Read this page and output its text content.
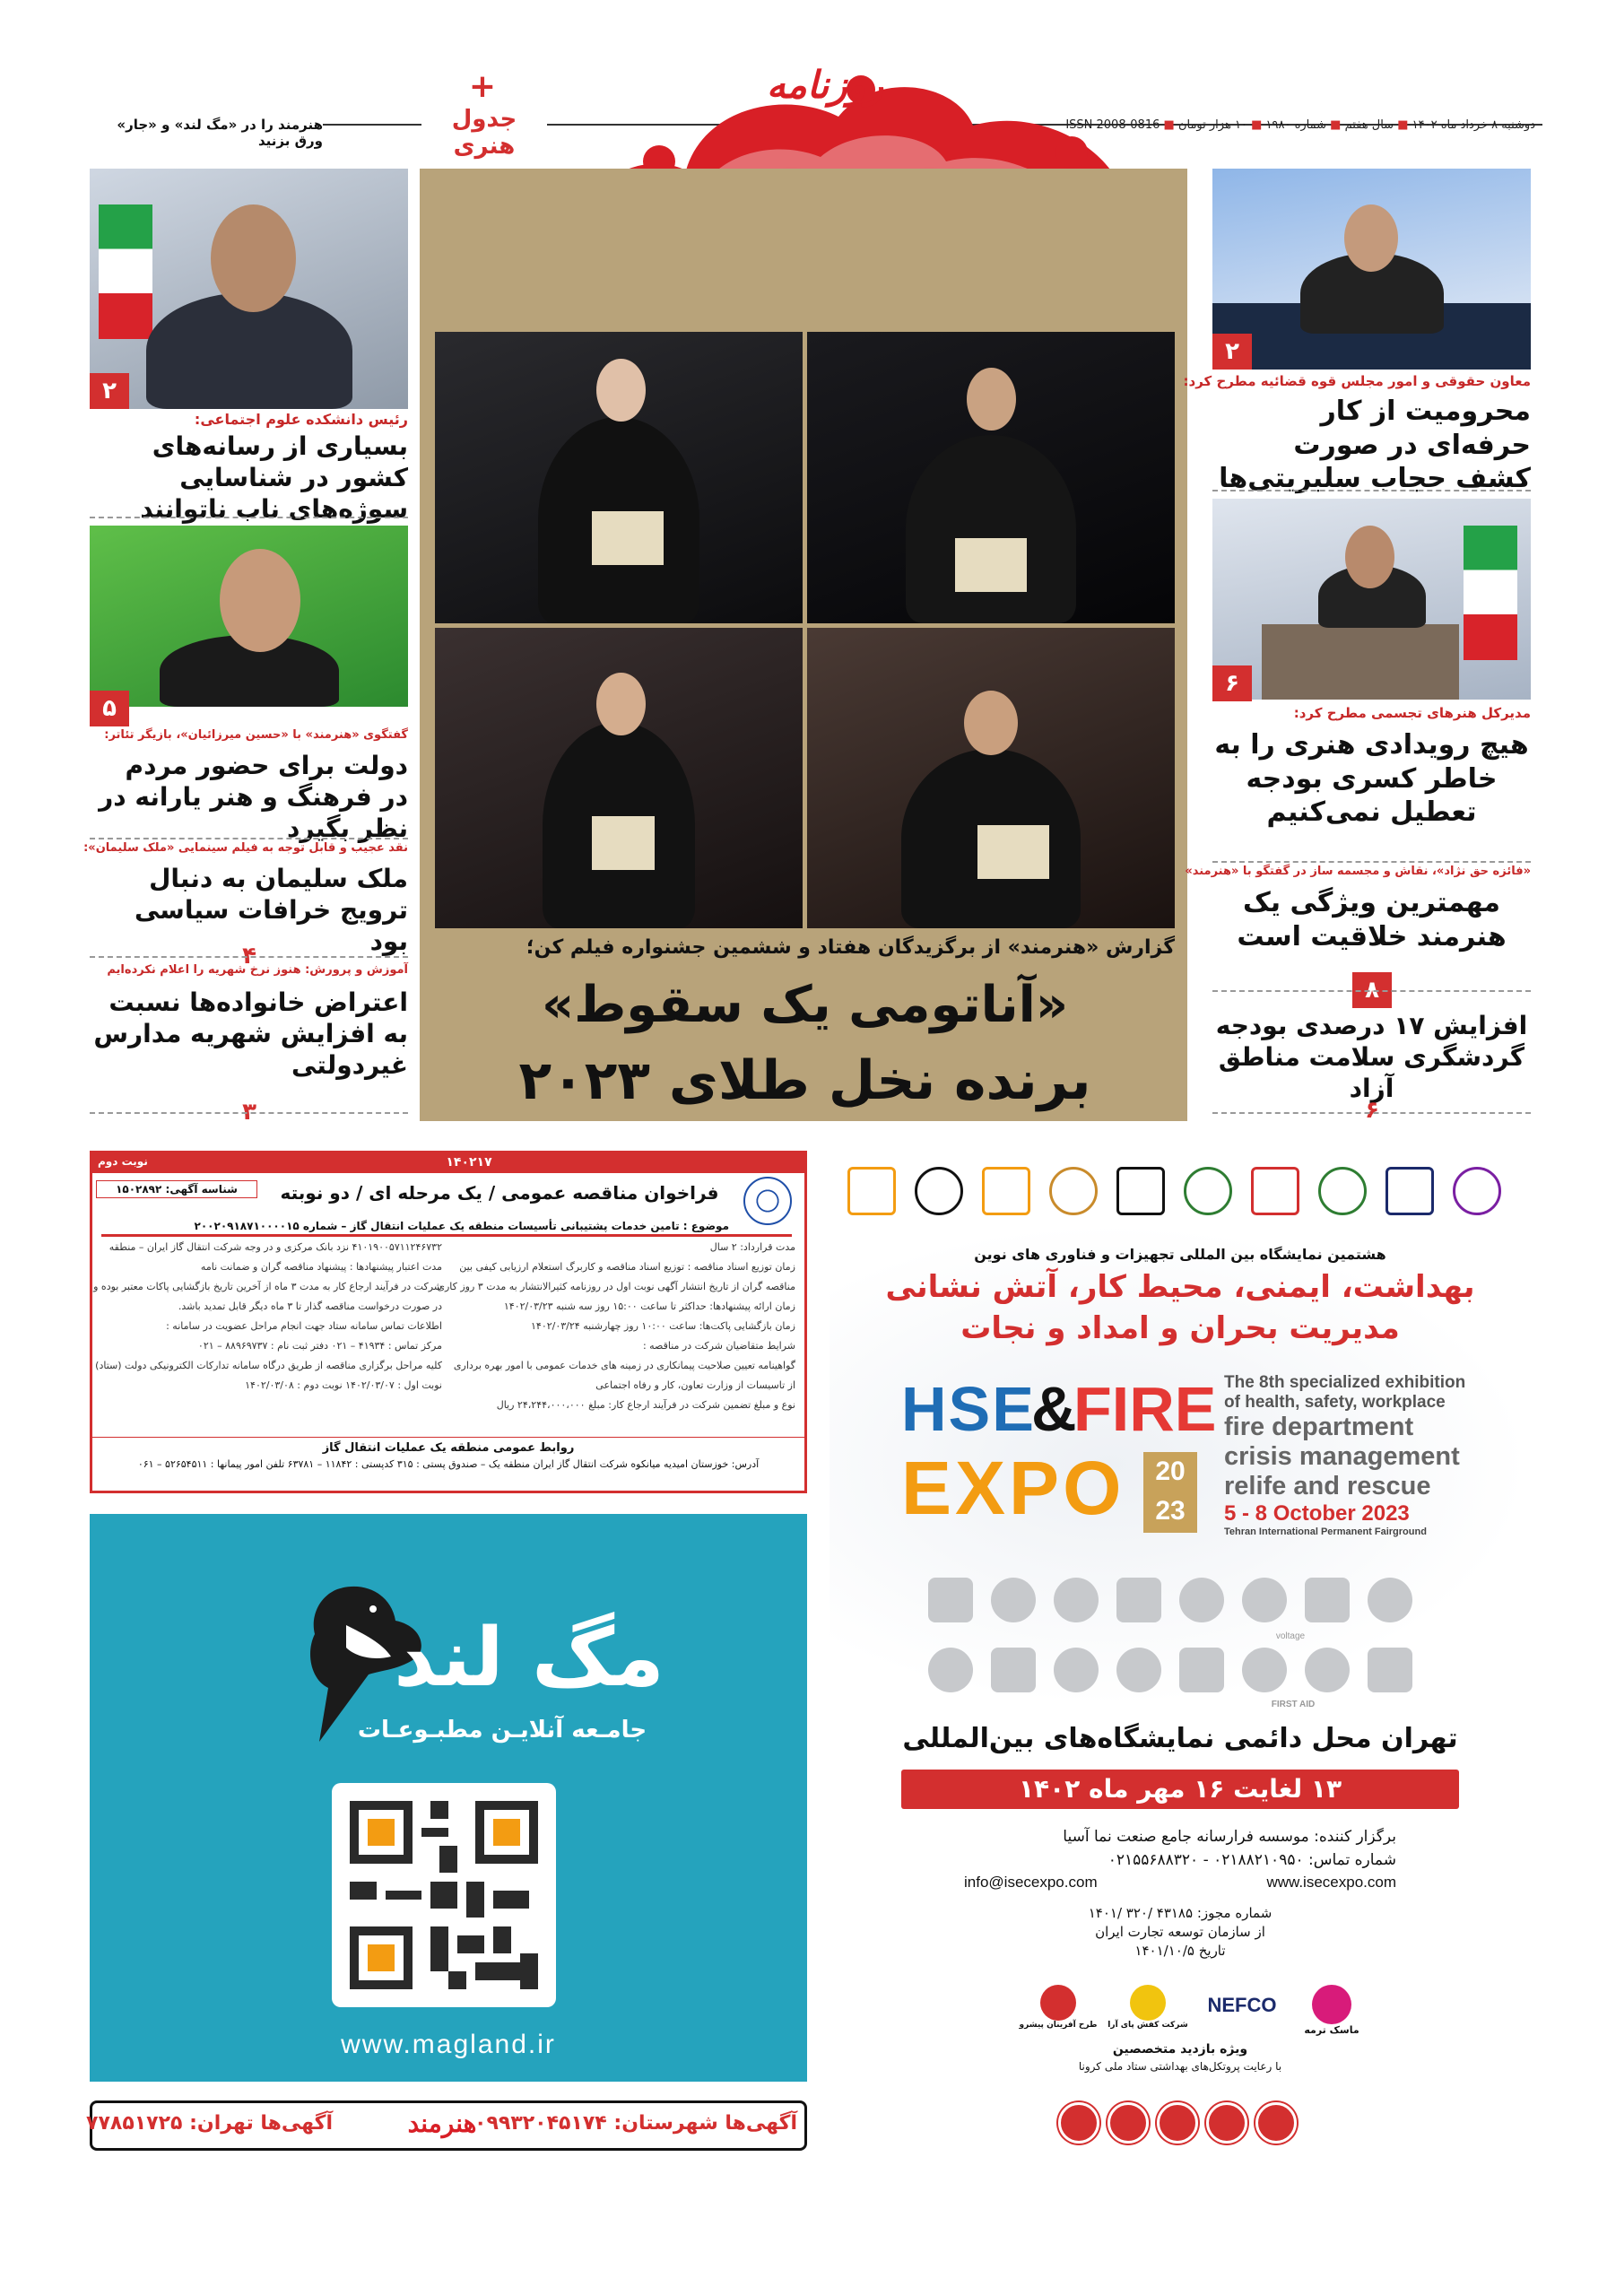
دوشنبه ۸ خرداد ماه ۱۴۰۲ ■ سال هفتم ■ شماره ۱۹۸۰ ■ ۱۰ هزار تومان ■ ISSN 2008-0816
هنرمند را در «مگ لند» و «جار» ورق بزنید
جدول هنری
+	روزنامه
۲
رئیس دانشکده علوم اجتماعی:
بسیاری از رسانه‌های کشور در شناسایی سوژه‌های ناب ناتوانند
۵
گفتگوی «هنرمند» با «حسین میرزائیان»، بازیگر تئاتر:
دولت برای حضور مردم در فرهنگ و هنر یارانه در نظر بگیرد
نقد عجیب و قابل توجه به فیلم سینمایی «ملک سلیمان»:
ملک سلیمان به دنبال ترویج خرافات سیاسی بود
۴
آموزش و پرورش: هنوز نرخ شهریه را اعلام نکرده‌ایم
اعتراض خانواده‌ها نسبت به افزایش شهریه مدارس غیردولتی
۳
گزارش «هنرمند» از برگزیدگان هفتاد و ششمین جشنواره فیلم کن؛
«آناتومی یک سقوط»
برنده نخل طلای ۲۰۲۳
۲
معاون حقوقی و امور مجلس قوه قضائیه مطرح کرد:
محرومیت از کار حرفه‌ای در صورت کشف حجاب سلبریتی‌ها
۶
مدیرکل هنرهای تجسمی مطرح کرد:
هیچ رویدادی هنری را به خاطر کسری بودجه تعطیل نمی‌کنیم
«فائزه حق نژاد»، نقاش و مجسمه ساز در گفتگو با «هنرمند»
مهمترین ویژگی یک هنرمند خلاقیت است
۸
افزایش ۱۷ درصدی بودجه گردشگری سلامت مناطق آزاد
۶
۱۴۰۲۱۷
نوبت دوم
شناسه آگهی: ۱۵۰۲۸۹۲	فراخوان مناقصه عمومی / یک مرحله ای / دو نوبته
موضوع : تامین خدمات پشتیبانی تأسیسات منطقه یک عملیات انتقال گاز – شماره ۲۰۰۲۰۹۱۸۷۱۰۰۰۰۱۵
مدت قرارداد: ۲ سال
زمان توزیع اسناد مناقصه : توزیع اسناد مناقصه و کاربرگ استعلام ارزیابی کیفی بین
مناقصه گران از تاریخ انتشار آگهی نوبت اول در روزنامه کثیرالانتشار به مدت ۳ روز کاری
زمان ارائه پیشنهادها: حداکثر تا ساعت ۱۵:۰۰ روز سه شنبه ۱۴۰۲/۰۳/۲۳
زمان بازگشایی پاکت‌ها: ساعت ۱۰:۰۰ روز چهارشنبه ۱۴۰۲/۰۳/۲۴
شرایط متقاضیان شرکت در مناقصه :
گواهینامه تعیین صلاحیت پیمانکاری در زمینه های خدمات عمومی با امور بهره برداری
از تاسیسات از وزارت تعاون، کار و رفاه اجتماعی
نوع و مبلغ تضمین شرکت در فرآیند ارجاع کار: مبلغ ۲۴،۲۴۴،۰۰۰،۰۰۰ ریال
۴۱۰۱۹۰۰۵۷۱۱۲۴۶۷۳۲ نزد بانک مرکزی و در وجه شرکت انتقال گاز ایران – منطقه
مدت اعتبار پیشنهادها : پیشنهاد مناقصه گران و ضمانت نامه
شرکت در فرآیند ارجاع کار به مدت ۳ ماه از آخرین تاریخ بازگشایی پاکات معتبر بوده و
در صورت درخواست مناقصه گذار تا ۳ ماه دیگر قابل تمدید باشد.
اطلاعات تماس سامانه ستاد جهت انجام مراحل عضویت در سامانه :
مرکز تماس : ۴۱۹۳۴ – ۰۲۱ دفتر ثبت نام : ۸۸۹۶۹۷۳۷ – ۰۲۱
کلیه مراحل برگزاری مناقصه از طریق درگاه سامانه تدارکات الکترونیکی دولت (ستاد)
نوبت اول : ۱۴۰۲/۰۳/۰۷ نوبت دوم : ۱۴۰۲/۰۳/۰۸
روابط عمومی منطقه یک عملیات انتقال گاز
آدرس: خوزستان امیدیه میانکوه شرکت انتقال گاز ایران منطقه یک – صندوق پستی : ۳۱۵ کدپستی : ۱۱۸۴۲ – ۶۳۷۸۱ تلفن امور پیمانها : ۵۲۶۵۴۵۱۱ – ۰۶۱
مگ لند
جامـعه آنلایـن مطبـوعـات
www.magland.ir
هشتمین نمایشگاه بین المللی تجهیزات و فناوری های نوین
بهداشت، ایمنی، محیط کار، آتش نشانی
مدیریت بحران و امداد و نجات
HSE
&
FIRE
EXPO	20
23
The 8th specialized exhibition
of health, safety, workplace
fire department
crisis management
relife and rescue
5 - 8 October 2023
Tehran International Permanent Fairground
voltage
FIRST AID
تهران محل دائمی نمایشگاه‌های بین‌المللی
۱۳ لغایت ۱۶ مهر ماه ۱۴۰۲
برگزار کننده: موسسه فرارسانه جامع صنعت نما آسیا
شماره تماس: ۰۲۱۸۸۲۱۰۹۵۰ - ۰۲۱۵۵۶۸۸۳۲۰
www.isecexpo.com
info@isecexpo.com
شماره مجوز: ۴۳۱۸۵ /۳۲۰ /۱۴۰۱
از سازمان توسعه تجارت ایران
تاریخ ۱۴۰۱/۱۰/۵
ماسک ترمه
NEFCO
شرکت کفش پای آرا
طرح آفرینان پیشرو
ویژه بازدید متخصصین
با رعایت پروتکل‌های بهداشتی ستاد ملی کرونا
آگهی‌ها شهرستان: ۰۹۹۳۲۰۴۵۱۷۴
هنرمند
آگهی‌ها تهران: ۷۷۸۵۱۷۲۵
